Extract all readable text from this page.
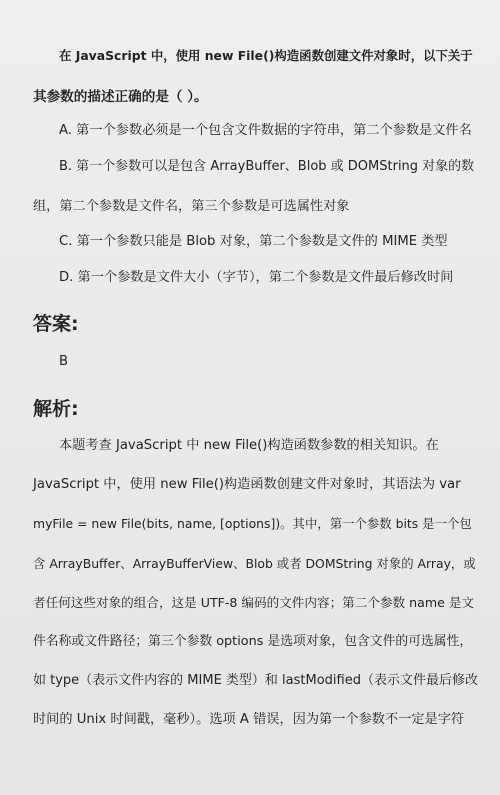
在 JavaScript 中，使用 new File()构造函数创建文件对象时，以下关于
其参数的描述正确的是（ ）。
A. 第一个参数必须是一个包含文件数据的字符串，第二个参数是文件名
B. 第一个参数可以是包含 ArrayBuffer、Blob 或 DOMString 对象的数
组，第二个参数是文件名，第三个参数是可选属性对象
C. 第一个参数只能是 Blob 对象，第二个参数是文件的 MIME 类型
D. 第一个参数是文件大小（字节），第二个参数是文件最后修改时间
答案:
B
解析:
本题考查 JavaScript 中 new File()构造函数参数的相关知识。在
JavaScript 中，使用 new File()构造函数创建文件对象时，其语法为 var
myFile = new File(bits, name, [options])。其中，第一个参数 bits 是一个包
含 ArrayBuffer、ArrayBufferView、Blob 或者 DOMString 对象的 Array，或
者任何这些对象的组合，这是 UTF-8 编码的文件内容；第二个参数 name 是文
件名称或文件路径；第三个参数 options 是选项对象，包含文件的可选属性，
如 type（表示文件内容的 MIME 类型）和 lastModified（表示文件最后修改
时间的 Unix 时间戳，毫秒）。选项 A 错误，因为第一个参数不一定是字符
